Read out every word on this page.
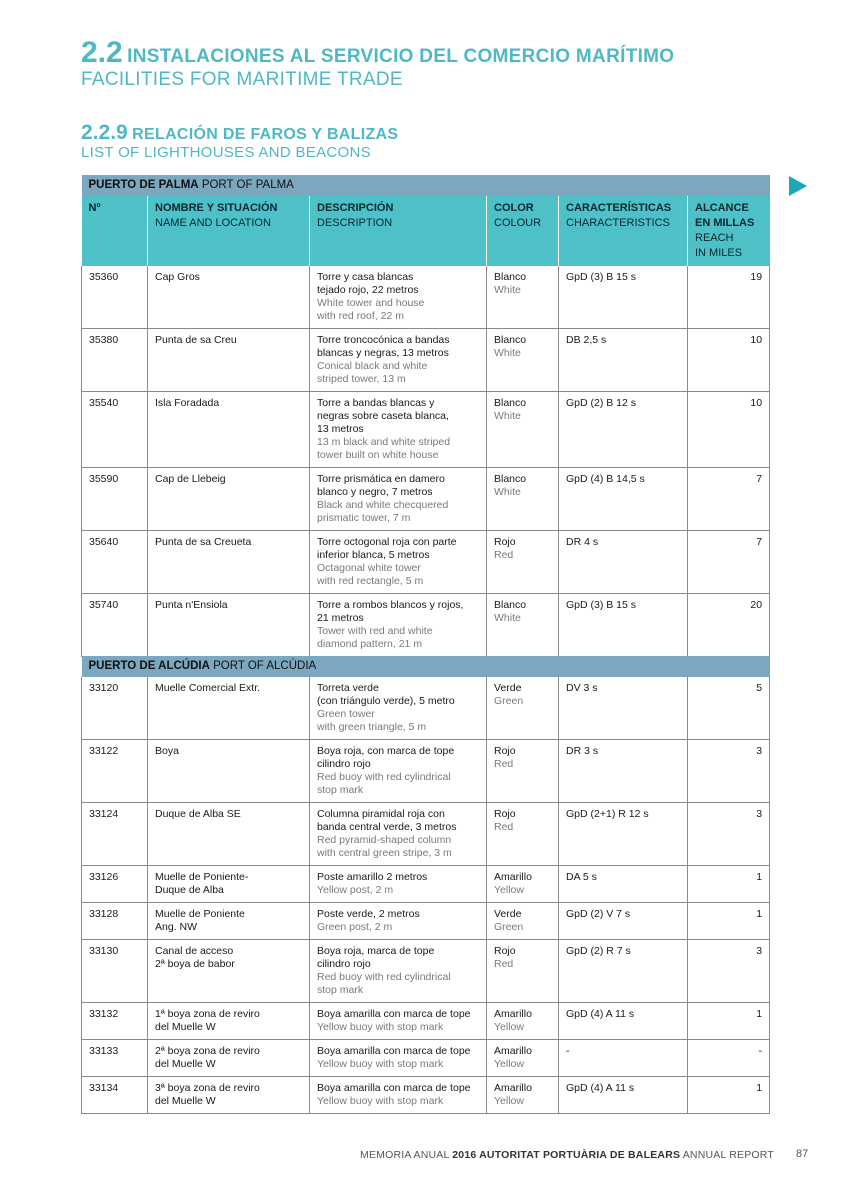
2.2 INSTALACIONES AL SERVICIO DEL COMERCIO MARÍTIMO
FACILITIES FOR MARITIME TRADE
2.2.9 RELACIÓN DE FAROS Y BALIZAS
LIST OF LIGHTHOUSES AND BEACONS
PUERTO DE PALMA PORT OF PALMA					

Nº	NOMBRE Y SITUACIÓN
NAME AND LOCATION	DESCRIPCIÓN
DESCRIPTION	COLOR
COLOUR	CARACTERÍSTICAS
CHARACTERISTICS	ALCANCE
EN MILLAS
REACH
IN MILES

35360	Cap Gros	Torre y casa blancas
tejado rojo, 22 metros
White tower and house
with red roof, 22 m	Blanco
White	GpD (3) B 15 s	19
35380	Punta de sa Creu	Torre troncocónica a bandas
blancas y negras, 13 metros
Conical black and white
striped tower, 13 m	Blanco
White	DB 2,5 s	10
35540	Isla Foradada	Torre a bandas blancas y
negras sobre caseta blanca,
13 metros
13 m black and white striped
tower built on white house	Blanco
White	GpD (2) B 12 s	10
35590	Cap de Llebeig	Torre prismática en damero
blanco y negro, 7 metros
Black and white checquered
prismatic tower, 7 m	Blanco
White	GpD (4) B 14,5 s	7
35640	Punta de sa Creueta	Torre octogonal roja con parte
inferior blanca, 5 metros
Octagonal white tower
with red rectangle, 5 m	Rojo
Red	DR 4 s	7
35740	Punta n'Ensiola	Torre a rombos blancos y rojos,
21 metros
Tower with red and white
diamond pattern, 21 m	Blanco
White	GpD (3) B 15 s	20
PUERTO DE ALCÚDIA PORT OF ALCÚDIA					
33120	Muelle Comercial Extr.	Torreta verde
(con triángulo verde), 5 metro
Green tower
with green triangle, 5 m	Verde
Green	DV 3 s	5
33122	Boya	Boya roja, con marca de tope
cilindro rojo
Red buoy with red cylindrical
stop mark	Rojo
Red	DR 3 s	3
33124	Duque de Alba SE	Columna piramidal roja con
banda central verde, 3 metros
Red pyramid-shaped column
with central green stripe, 3 m	Rojo
Red	GpD (2+1) R 12 s	3
33126	Muelle de Poniente-
Duque de Alba	Poste amarillo 2 metros
Yellow post, 2 m	Amarillo
Yellow	DA 5 s	1
33128	Muelle de Poniente
Ang. NW	Poste verde, 2 metros
Green post, 2 m	Verde
Green	GpD (2) V 7 s	1
33130	Canal de acceso
2ª boya de babor	Boya roja, marca de tope
cilindro rojo
Red buoy with red cylindrical
stop mark	Rojo
Red	GpD (2) R 7 s	3
33132	1ª boya zona de reviro
del Muelle W	Boya amarilla con marca de tope
Yellow buoy with stop mark	Amarillo
Yellow	GpD (4) A 11 s	1
33133	2ª boya zona de reviro
del Muelle W	Boya amarilla con marca de tope
Yellow buoy with stop mark	Amarillo
Yellow	-	-
33134	3ª boya zona de reviro
del Muelle W	Boya amarilla con marca de tope
Yellow buoy with stop mark	Amarillo
Yellow	GpD (4) A 11 s	1
MEMORIA ANUAL 2016 AUTORITAT PORTUÀRIA DE BALEARS ANNUAL REPORT 87
